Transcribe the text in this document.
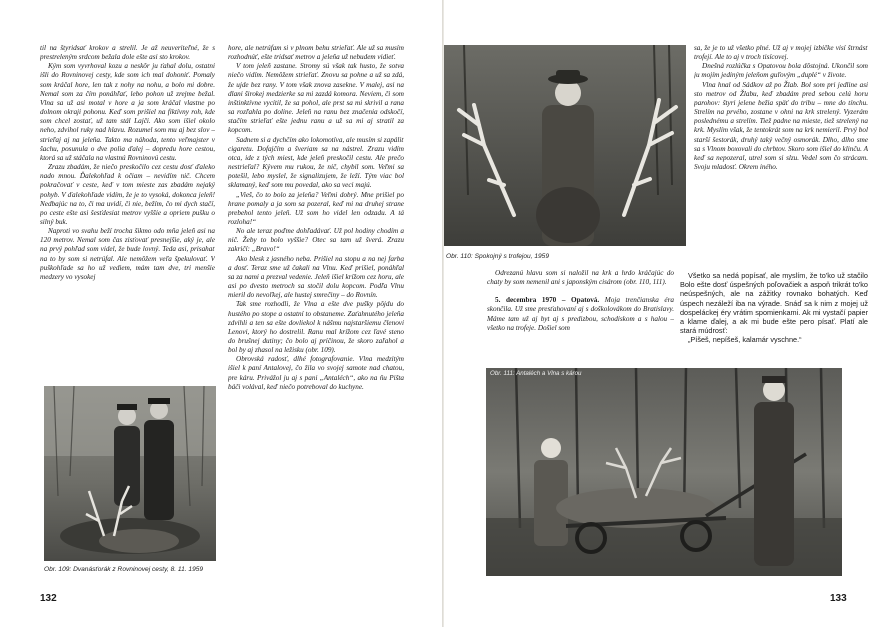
til na štyridsať krokov a strelil. Je až neuveriteľné, že s prestreleným srdcom bežala dole ešte asi sto krokov.

Kým som vyvrhoval kozu a neskôr ju ťahal dolu, ostatní išli do Rovninovej cesty, kde som ich mal dohoniť. Pomaly som kráčal hore, len tak z nohy na nohu, a bolo mi dobre. Nemal som za čím ponáhľať, lebo pohon už zrejme bežal. Vlna sa už asi motal v hore a ja som kráčal vlastne po dolnom okraji pohonu. Keď som prišiel na fiktívny roh, kde som chcel zostať, už tam stál Lajči. Ako som išiel okolo neho, zdvihol ruky nad hlavu. Rozumel som mu aj bez slov – strieľaj aj na jeleňa. Takto ma náhoda, tento veľmajster v šachu, posunula o dve polia ďalej – dopredu hore cestou, ktorá sa už stáčala na vlastnú Rovninovú cestu.

Zrazu zbadám, že niečo preskočilo cez cestu dosť ďaleko nado mnou. Ďalekohľad k očiam – nevidím nič. Chcem pokračovať v ceste, keď v tom mieste zas zbadám nejaký pohyb. V ďalekohľade vidím, že je to vysoká, dokonca jeleň! Nedbajúc na to, či ma uvidí, či nie, bežím, čo mi dych stačí, po ceste ešte asi šesťdesiat metrov vyššie a opriem pušku o silný buk.

Naproti vo svahu beží trocha šikmo odo mňa jeleň asi na 120 metrov. Nemal som čas zisťovať presnejšie, aký je, ale na prvý pohľad som videl, že bude lovný. Teda asi, prisahať na to by som si netrúfal. Ale nemôžem veľa špekulovať. V puškohľade sa ho už vediem, mám tam dve, tri menšie medzery vo vysokej

hore, ale netrúfam si v plnom behu strieľať. Ale už sa musím rozhodnúť, ešte tridsať metrov a jeleňa už nebudem vidieť.

V tom jeleň zastane. Stromy sú však tak husto, že sotva niečo vidím. Nemôžem strieľať. Znovu sa pohne a už sa zdá, že ujde bez rany. V tom však znova zasekne. V malej, asi na dlani širokej medzierke sa mi zazdá komora. Neviem, či som inštinktívne vycítil, že sa pohol, ale prst sa mi skrivil a rana sa rozľahla po doline. Jeleň na ranu bez značenia odskočí, stačím strieľať ešte jednu ranu a už sa mi aj stratil za kopcom.

Sadnem si a dychčím ako lokomotíva, ale musím si zapáliť cigaretu. Dofajčím a šveriam sa na nástrel. Zrazu vidím otca, ide z tých miest, kde jeleň preskočil cestu. Ale prečo nestrieľal? Kývem mu rukou, že nič, chybil som. Veľmi sa potešil, lebo myslel, že signalizujem, že leží. Tým viac bol sklamaný, keď som mu povedal, ako sa veci majú.

„Vieš, čo to bolo za jeleňa? Veľmi dobrý. Mne prišiel po hrane pomaly a ja som sa pozeral, keď mi na druhej strane prebehol tento jeleň. Už som ho videl len odzadu. A tá rozloha!“

No ale teraz poďme dohľadávať. Už pol hodiny chodím a nič. Žeby to bolo vyššie? Otec sa tam už šverá. Zrazu zakričí: „Bravo!“

Ako blesk z jasného neba. Prišiel na stopu a na nej farba a dosť. Teraz sme už čakali na Vlnu. Keď prišiel, ponáhľal sa za nami a prezval vedenie. Jeleň išiel krížom cez horu, ale asi po dvesto metroch sa stočil dolu kopcom. Podľa Vlnu mieril do nevoľkej, ale hustej smrečiny – do Rovnín.

Tak sme rozhodli, že Vlna a ešte dve pušky pôjdu do hustého po stope a ostatní to obstaneme. Zaťahnutého jeleňa zdvihli a ten sa ešte dovliekol k nášmu najstaršiemu členovi Lenovi, ktorý ho dostrelil. Ranu mal krížom cez ľavé steno do brušnej dutiny; čo bolo aj príčinou, že skoro zaľahol a bol by aj zhasol na ležisku (obr. 109).

Obrovská radosť, dlhé fotografovanie. Vlna medzitým išiel k paní Antalovej, čo žila vo svojej samote nad chatou, pre káru. Privážol ju aj s pani „Antaléch“, ako na ňu Pišta báči volával, keď niečo potreboval do kuchyne.

Obr. 109: Dvanásťorák z Rovninovej cesty, 8. 11. 1959
132
Obr. 110: Spokojný s trofejou, 1959

sa, že je to už všetko plné. Už aj v mojej izbičke visí štrnásť trofejí. Ale to aj v troch tisícovej.

Dnešná rozlúčka s Opatovou bola dôstojná. Ukončil som ju mojím jediným jeleňom guľovým „duplé“ v živote.

Vlna hnal od Sádkov až po Žlab. Bol som pri jedline asi sto metrov od Žlabu, keď zbadám pred sebou celú horu parohov: štyri jelene bežia späť do tribu – mne do tínchu. Strelím na prvého, zostane v ohni na krk strelený. Vyzerám poslednému a strelím. Tiež padne na mieste, tiež strelený na krk. Myslím však, že tentokrát som na krk nemieril. Prvý bol starší šestorák, druhý taký večný osmorák. Dlho, dlho sme sa s Vlnom boxovali do chrbtov. Skoro som išiel do klinču. A keď sa nepozeral, utrel som si slzu. Vedel som čo strácam. Svoju mladosť. Okrem iného.

Odrezanú hlavu som si naložil na krk a hrdo kráčajúc do chaty by som nemenil ani s japonským cisárom (obr. 110, 111).

5. decembra 1970 – Opatová. Moja trenčianska éra skončila. Už sme presťahovaní aj s doškolovákom do Bratislavy. Máme tam už aj byt aj s predizbou, schodiskom a s halou – všetko na trofeje. Došiel som

Všetko sa nedá popísať, ale myslím, že to'ko už stačilo Bolo ešte dosť úspešných poľovačiek a aspoň trikrát to'ko neúspešných, ale na zážitky rovnako bohatých. Keď úspech nezáleží iba na výrade. Snáď sa k nim z mojej už dospeláckej éry vrátim spomienkami. Ak mi vystačí papier a klame ďalej, a ak mi bude ešte pero písať. Platí ale stará múdrosť:

„Píšeš, nepíšeš, kalamár vyschne.“

Obr. 111: Antaléch a Vlna s károu
133
